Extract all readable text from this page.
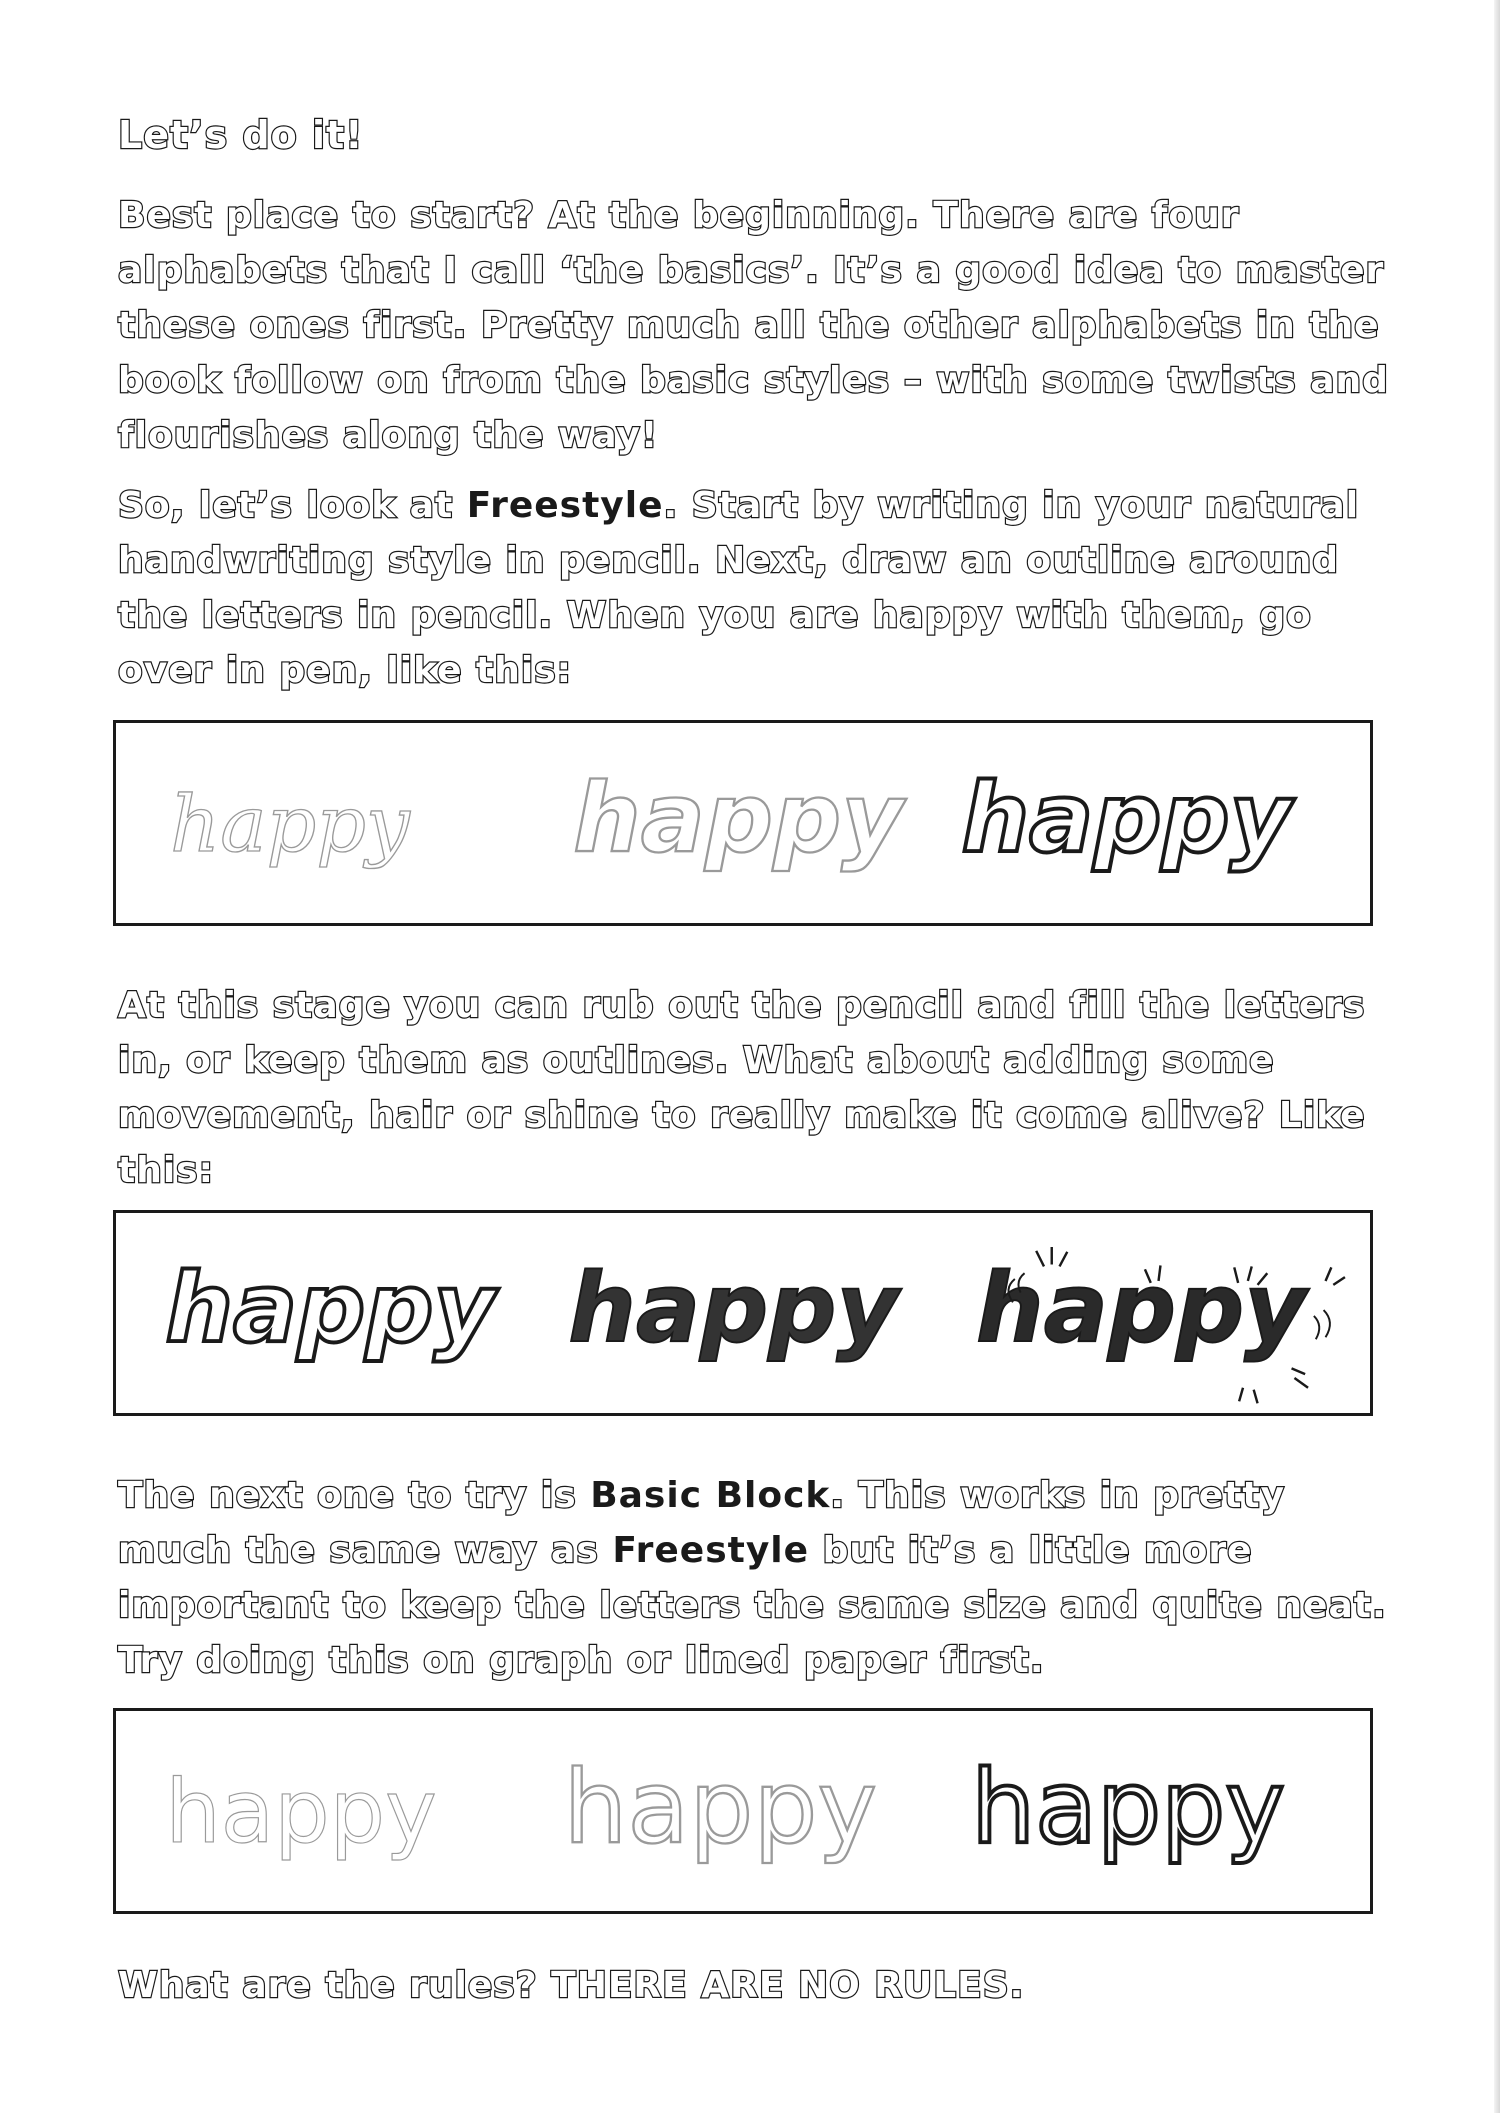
Let’s do it!
Best place to start? At the beginning. There are four alphabets that I call ‘the basics’. It’s a good idea to master these ones first. Pretty much all the other alphabets in the book follow on from the basic styles – with some twists and flourishes along the way!
So, let’s look at Freestyle. Start by writing in your natural handwriting style in pencil. Next, draw an outline around the letters in pencil. When you are happy with them, go over in pen, like this:
happy happy happy
At this stage you can rub out the pencil and fill the letters in, or keep them as outlines. What about adding some movement, hair or shine to really make it come alive? Like this:
happy happy happy
The next one to try is Basic Block. This works in pretty much the same way as Freestyle but it’s a little more important to keep the letters the same size and quite neat. Try doing this on graph or lined paper first.
happy happy happy
What are the rules? THERE ARE NO RULES.
